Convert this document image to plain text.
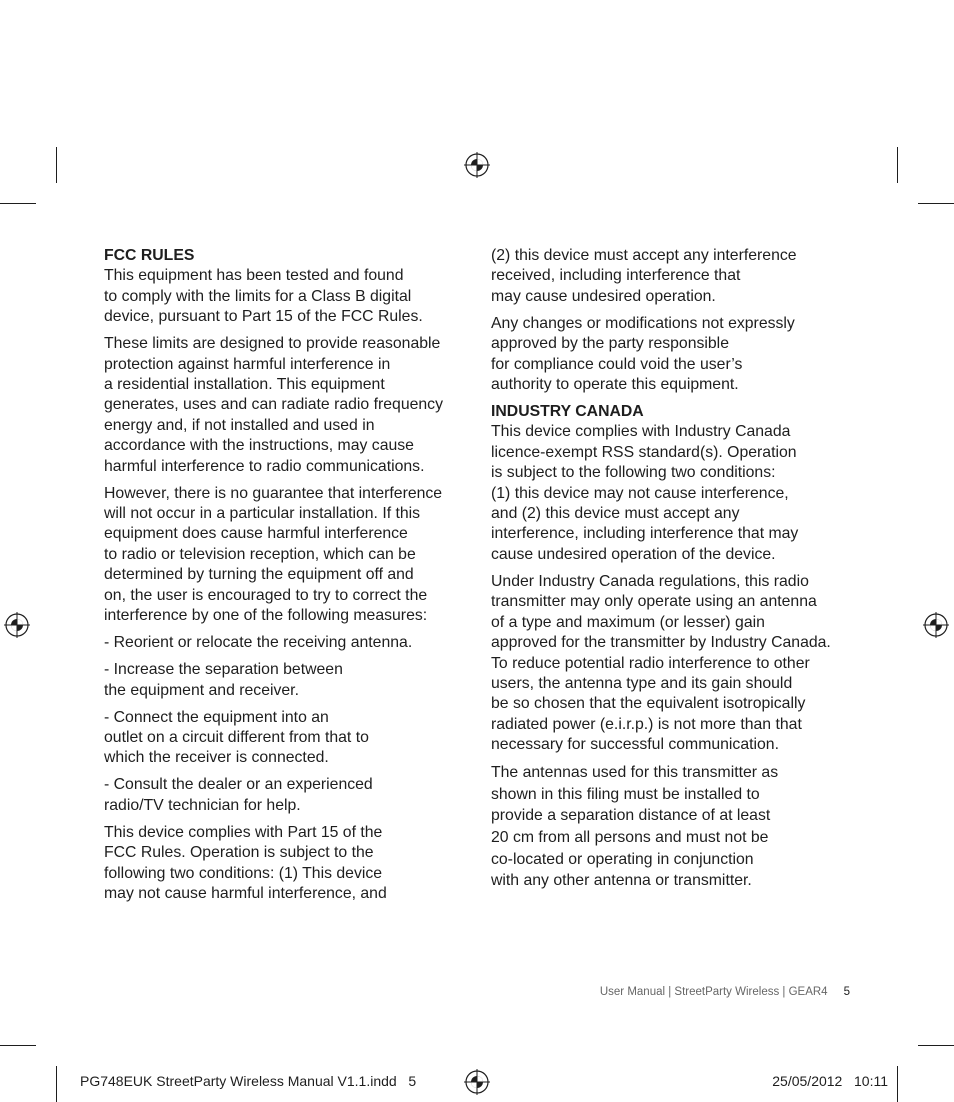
FCC RULES

This equipment has been tested and found
to comply with the limits for a Class B digital
device, pursuant to Part 15 of the FCC Rules.

These limits are designed to provide reasonable
protection against harmful interference in
a residential installation. This equipment
generates, uses and can radiate radio frequency
energy and, if not installed and used in
accordance with the instructions, may cause
harmful interference to radio communications.

However, there is no guarantee that interference
will not occur in a particular installation. If this
equipment does cause harmful interference
to radio or television reception, which can be
determined by turning the equipment off and
on, the user is encouraged to try to correct the
interference by one of the following measures:

- Reorient or relocate the receiving antenna.

- Increase the separation between
the equipment and receiver.

- Connect the equipment into an
outlet on a circuit different from that to
which the receiver is connected.

- Consult the dealer or an experienced
radio/TV technician for help.

This device complies with Part 15 of the
FCC Rules. Operation is subject to the
following two conditions: (1) This device
may not cause harmful interference, and

(2) this device must accept any interference
received, including interference that
may cause undesired operation.

Any changes or modifications not expressly
approved by the party responsible
for compliance could void the user’s
authority to operate this equipment.

INDUSTRY CANADA

This device complies with Industry Canada
licence-exempt RSS standard(s). Operation
is subject to the following two conditions:
(1) this device may not cause interference,
and (2) this device must accept any
interference, including interference that may
cause undesired operation of the device.

Under Industry Canada regulations, this radio
transmitter may only operate using an antenna
of a type and maximum (or lesser) gain
approved for the transmitter by Industry Canada.
To reduce potential radio interference to other
users, the antenna type and its gain should
be so chosen that the equivalent isotropically
radiated power (e.i.r.p.) is not more than that
necessary for successful communication.

The antennas used for this transmitter as
shown in this filing must be installed to
provide a separation distance of at least
20 cm from all persons and must not be
co-located or operating in conjunction
with any other antenna or transmitter.

User Manual | StreetParty Wireless | GEAR4 5
PG748EUK StreetParty Wireless Manual V1.1.indd   5	25/05/2012   10:11
